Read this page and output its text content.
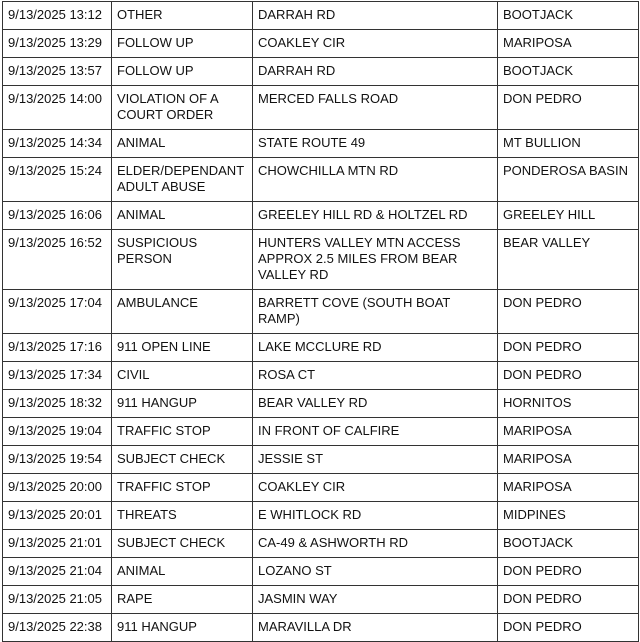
9/13/2025 13:12	OTHER	DARRAH RD	BOOTJACK
9/13/2025 13:29	FOLLOW UP	COAKLEY CIR	MARIPOSA
9/13/2025 13:57	FOLLOW UP	DARRAH RD	BOOTJACK
9/13/2025 14:00	VIOLATION OF A COURT ORDER	MERCED FALLS ROAD	DON PEDRO
9/13/2025 14:34	ANIMAL	STATE ROUTE 49	MT BULLION
9/13/2025 15:24	ELDER/DEPENDANT ADULT ABUSE	CHOWCHILLA MTN RD	PONDEROSA BASIN
9/13/2025 16:06	ANIMAL	GREELEY HILL RD & HOLTZEL RD	GREELEY HILL
9/13/2025 16:52	SUSPICIOUS PERSON	HUNTERS VALLEY MTN ACCESS APPROX 2.5 MILES FROM BEAR VALLEY RD	BEAR VALLEY
9/13/2025 17:04	AMBULANCE	BARRETT COVE (SOUTH BOAT RAMP)	DON PEDRO
9/13/2025 17:16	911 OPEN LINE	LAKE MCCLURE RD	DON PEDRO
9/13/2025 17:34	CIVIL	ROSA CT	DON PEDRO
9/13/2025 18:32	911 HANGUP	BEAR VALLEY RD	HORNITOS
9/13/2025 19:04	TRAFFIC STOP	IN FRONT OF CALFIRE	MARIPOSA
9/13/2025 19:54	SUBJECT CHECK	JESSIE ST	MARIPOSA
9/13/2025 20:00	TRAFFIC STOP	COAKLEY CIR	MARIPOSA
9/13/2025 20:01	THREATS	E WHITLOCK RD	MIDPINES
9/13/2025 21:01	SUBJECT CHECK	CA-49 & ASHWORTH RD	BOOTJACK
9/13/2025 21:04	ANIMAL	LOZANO ST	DON PEDRO
9/13/2025 21:05	RAPE	JASMIN WAY	DON PEDRO
9/13/2025 22:38	911 HANGUP	MARAVILLA DR	DON PEDRO
